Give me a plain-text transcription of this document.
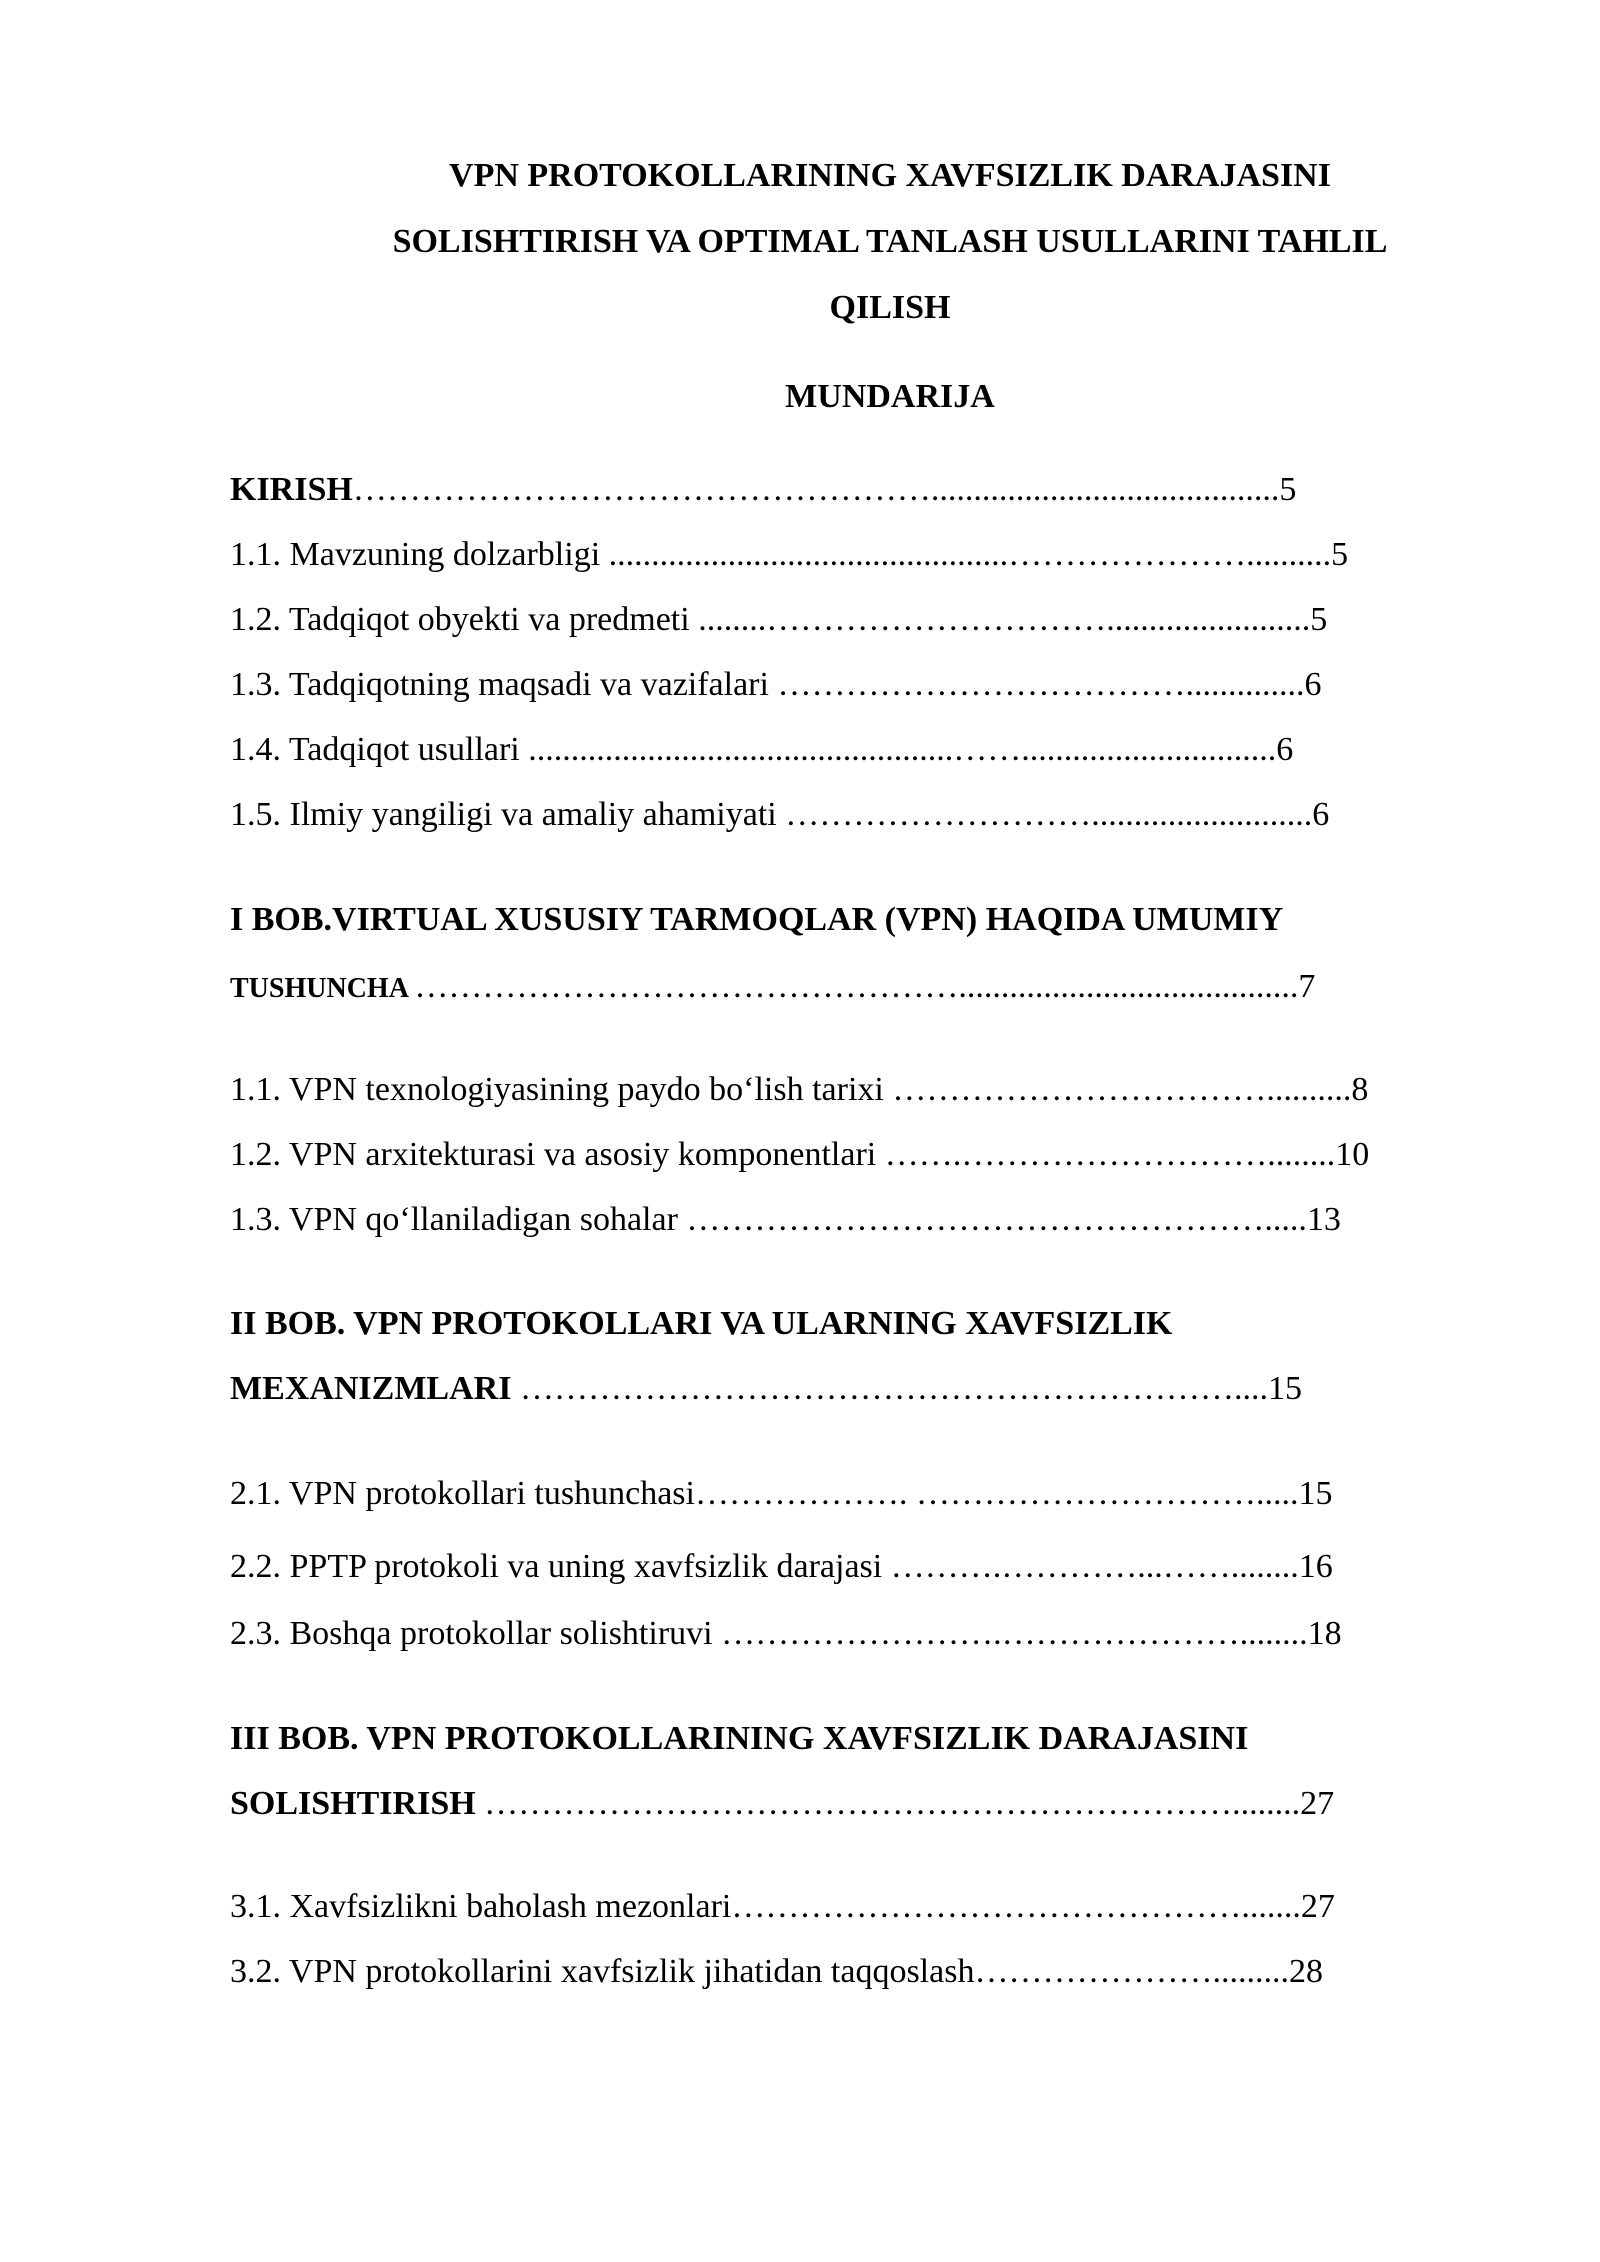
VPN PROTOKOLLARINING XAVFSIZLIK DARAJASINI
SOLISHTIRISH VA OPTIMAL TANLASH USULLARINI TAHLIL
QILISH
MUNDARIJA
KIRISH…………………………………………….........................................5
1.1. Mavzuning dolzarbligi ...............................................…………………..........5
1.2. Tadqiqot obyekti va predmeti ........…………………………........................5
1.3. Tadqiqotning maqsadi va vazifalari ………………………………..............6
1.4. Tadqiqot usullari ..................................................……..............................6
1.5. Ilmiy yangiligi va amaliy ahamiyati ………………………..........................6
I BOB.VIRTUAL XUSUSIY TARMOQLAR (VPN) HAQIDA UMUMIY
TUSHUNCHA …………………………………………........................................7
1.1. VPN texnologiyasining paydo bo‘lish tarixi ……………………………..........8
1.2. VPN arxitekturasi va asosiy komponentlari …….………………………........10
1.3. VPN qo‘llaniladigan sohalar …………………………………………….....13
II BOB. VPN PROTOKOLLARI VA ULARNING XAVFSIZLIK
MEXANIZMLARI ………………………………………………………....15
2.1. VPN protokollari tushunchasi………………. ………………………….....15
2.2. PPTP protokoli va uning xavfsizlik darajasi ……….…………...……........16
2.3. Boshqa protokollar solishtiruvi …………………….…………………........18
III BOB. VPN PROTOKOLLARINING XAVFSIZLIK DARAJASINI
SOLISHTIRISH …………………………………………………………........27
3.1. Xavfsizlikni baholash mezonlari……………………………………….......27
3.2. VPN protokollarini xavfsizlik jihatidan taqqoslash………………….........28
